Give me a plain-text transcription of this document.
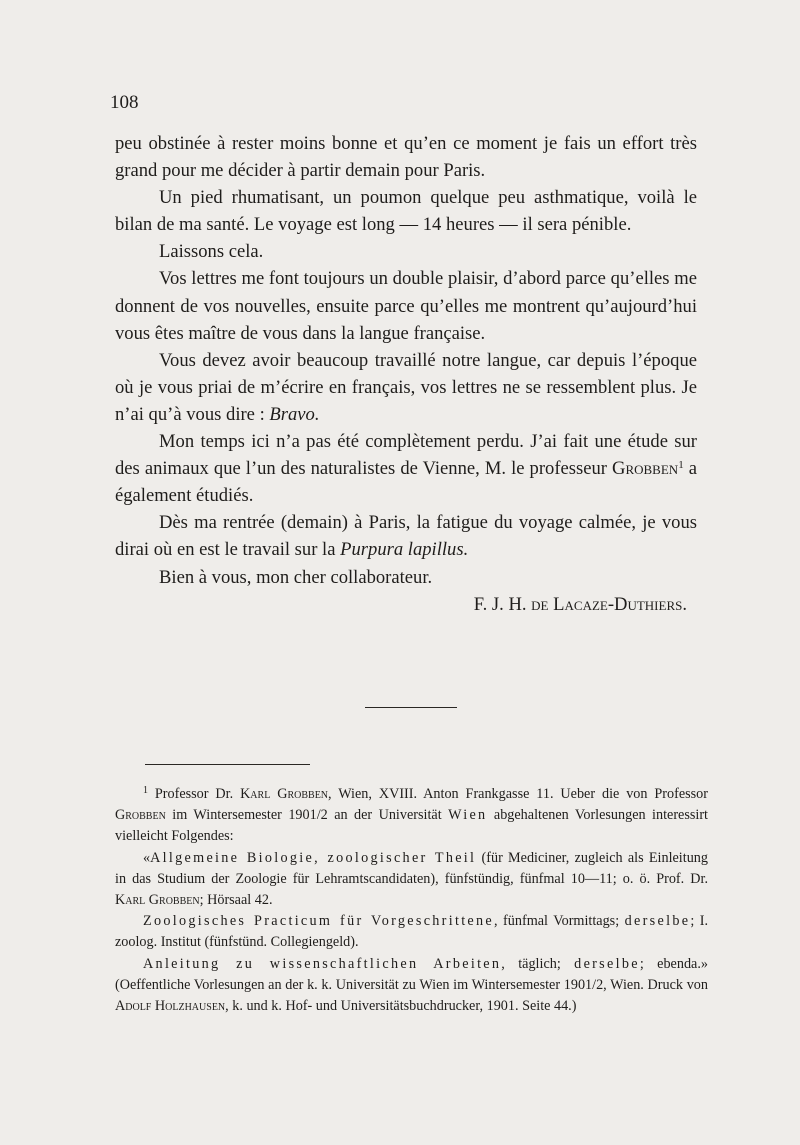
108

peu obstinée à rester moins bonne et qu’en ce moment je fais un effort très grand pour me décider à partir demain pour Paris.

Un pied rhumatisant, un poumon quelque peu asthmatique, voilà le bilan de ma santé. Le voyage est long — 14 heures — il sera pénible.

Laissons cela.

Vos lettres me font toujours un double plaisir, d’abord parce qu’elles me donnent de vos nouvelles, ensuite parce qu’elles me montrent qu’aujourd’hui vous êtes maître de vous dans la langue française.

Vous devez avoir beaucoup travaillé notre langue, car depuis l’époque où je vous priai de m’écrire en français, vos lettres ne se ressemblent plus. Je n’ai qu’à vous dire : Bravo.

Mon temps ici n’a pas été complètement perdu. J’ai fait une étude sur des animaux que l’un des naturalistes de Vienne, M. le professeur Grobben$^1$ a également étudiés.

Dès ma rentrée (demain) à Paris, la fatigue du voyage calmée, je vous dirai où en est le travail sur la Purpura lapillus.

Bien à vous, mon cher collaborateur.

F. J. H. de Lacaze-Duthiers.

$^1$ Professor Dr. Karl Grobben, Wien, XVIII. Anton Frankgasse 11. Ueber die von Professor Grobben im Wintersemester 1901/2 an der Universität Wien abgehaltenen Vorlesungen interessirt vielleicht Folgendes:

«Allgemeine Biologie, zoologischer Theil (für Mediciner, zugleich als Einleitung in das Studium der Zoologie für Lehramtscandidaten), fünfstündig, fünfmal 10—11; o. ö. Prof. Dr. Karl Grobben; Hörsaal 42.

Zoologisches Practicum für Vorgeschrittene, fünfmal Vormittags; derselbe; I. zoolog. Institut (fünfstünd. Collegiengeld).

Anleitung zu wissenschaftlichen Arbeiten, täglich; derselbe; ebenda.» (Oeffentliche Vorlesungen an der k. k. Universität zu Wien im Wintersemester 1901/2, Wien. Druck von Adolf Holzhausen, k. und k. Hof- und Universitätsbuchdrucker, 1901. Seite 44.)
